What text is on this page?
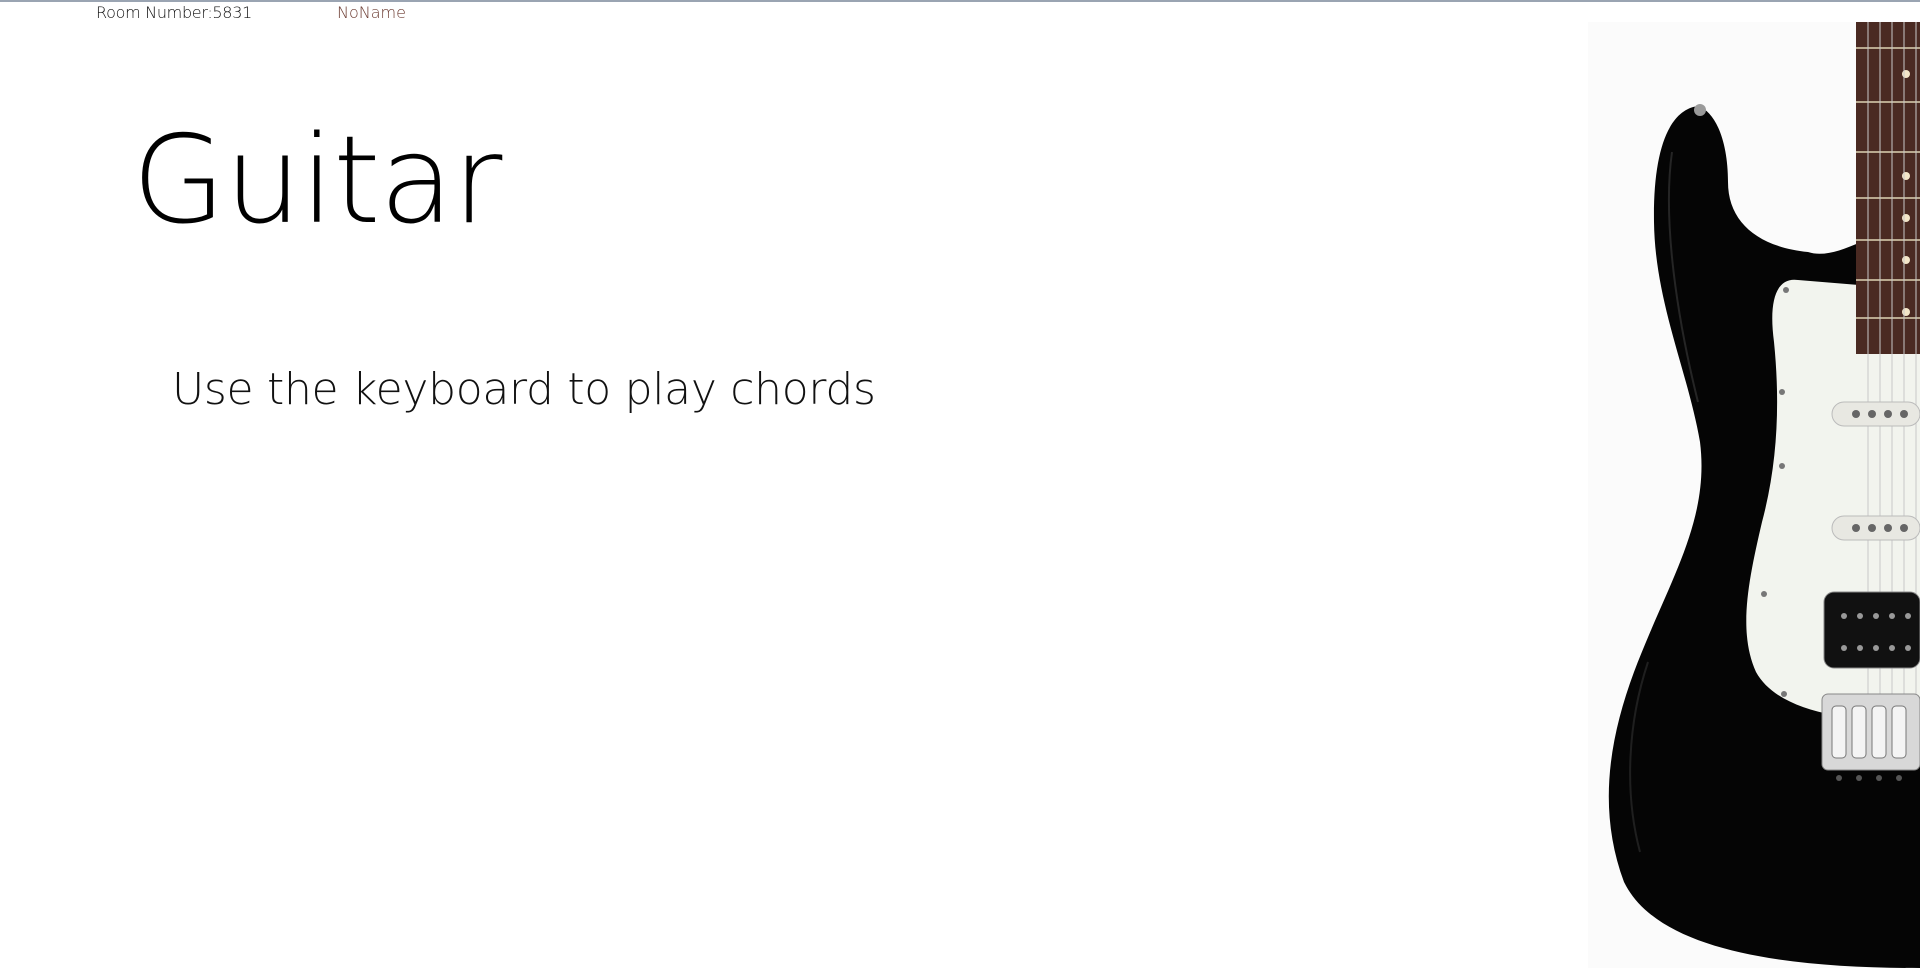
Room Number:5831	NoName
Guitar

Use the keyboard to play chords
